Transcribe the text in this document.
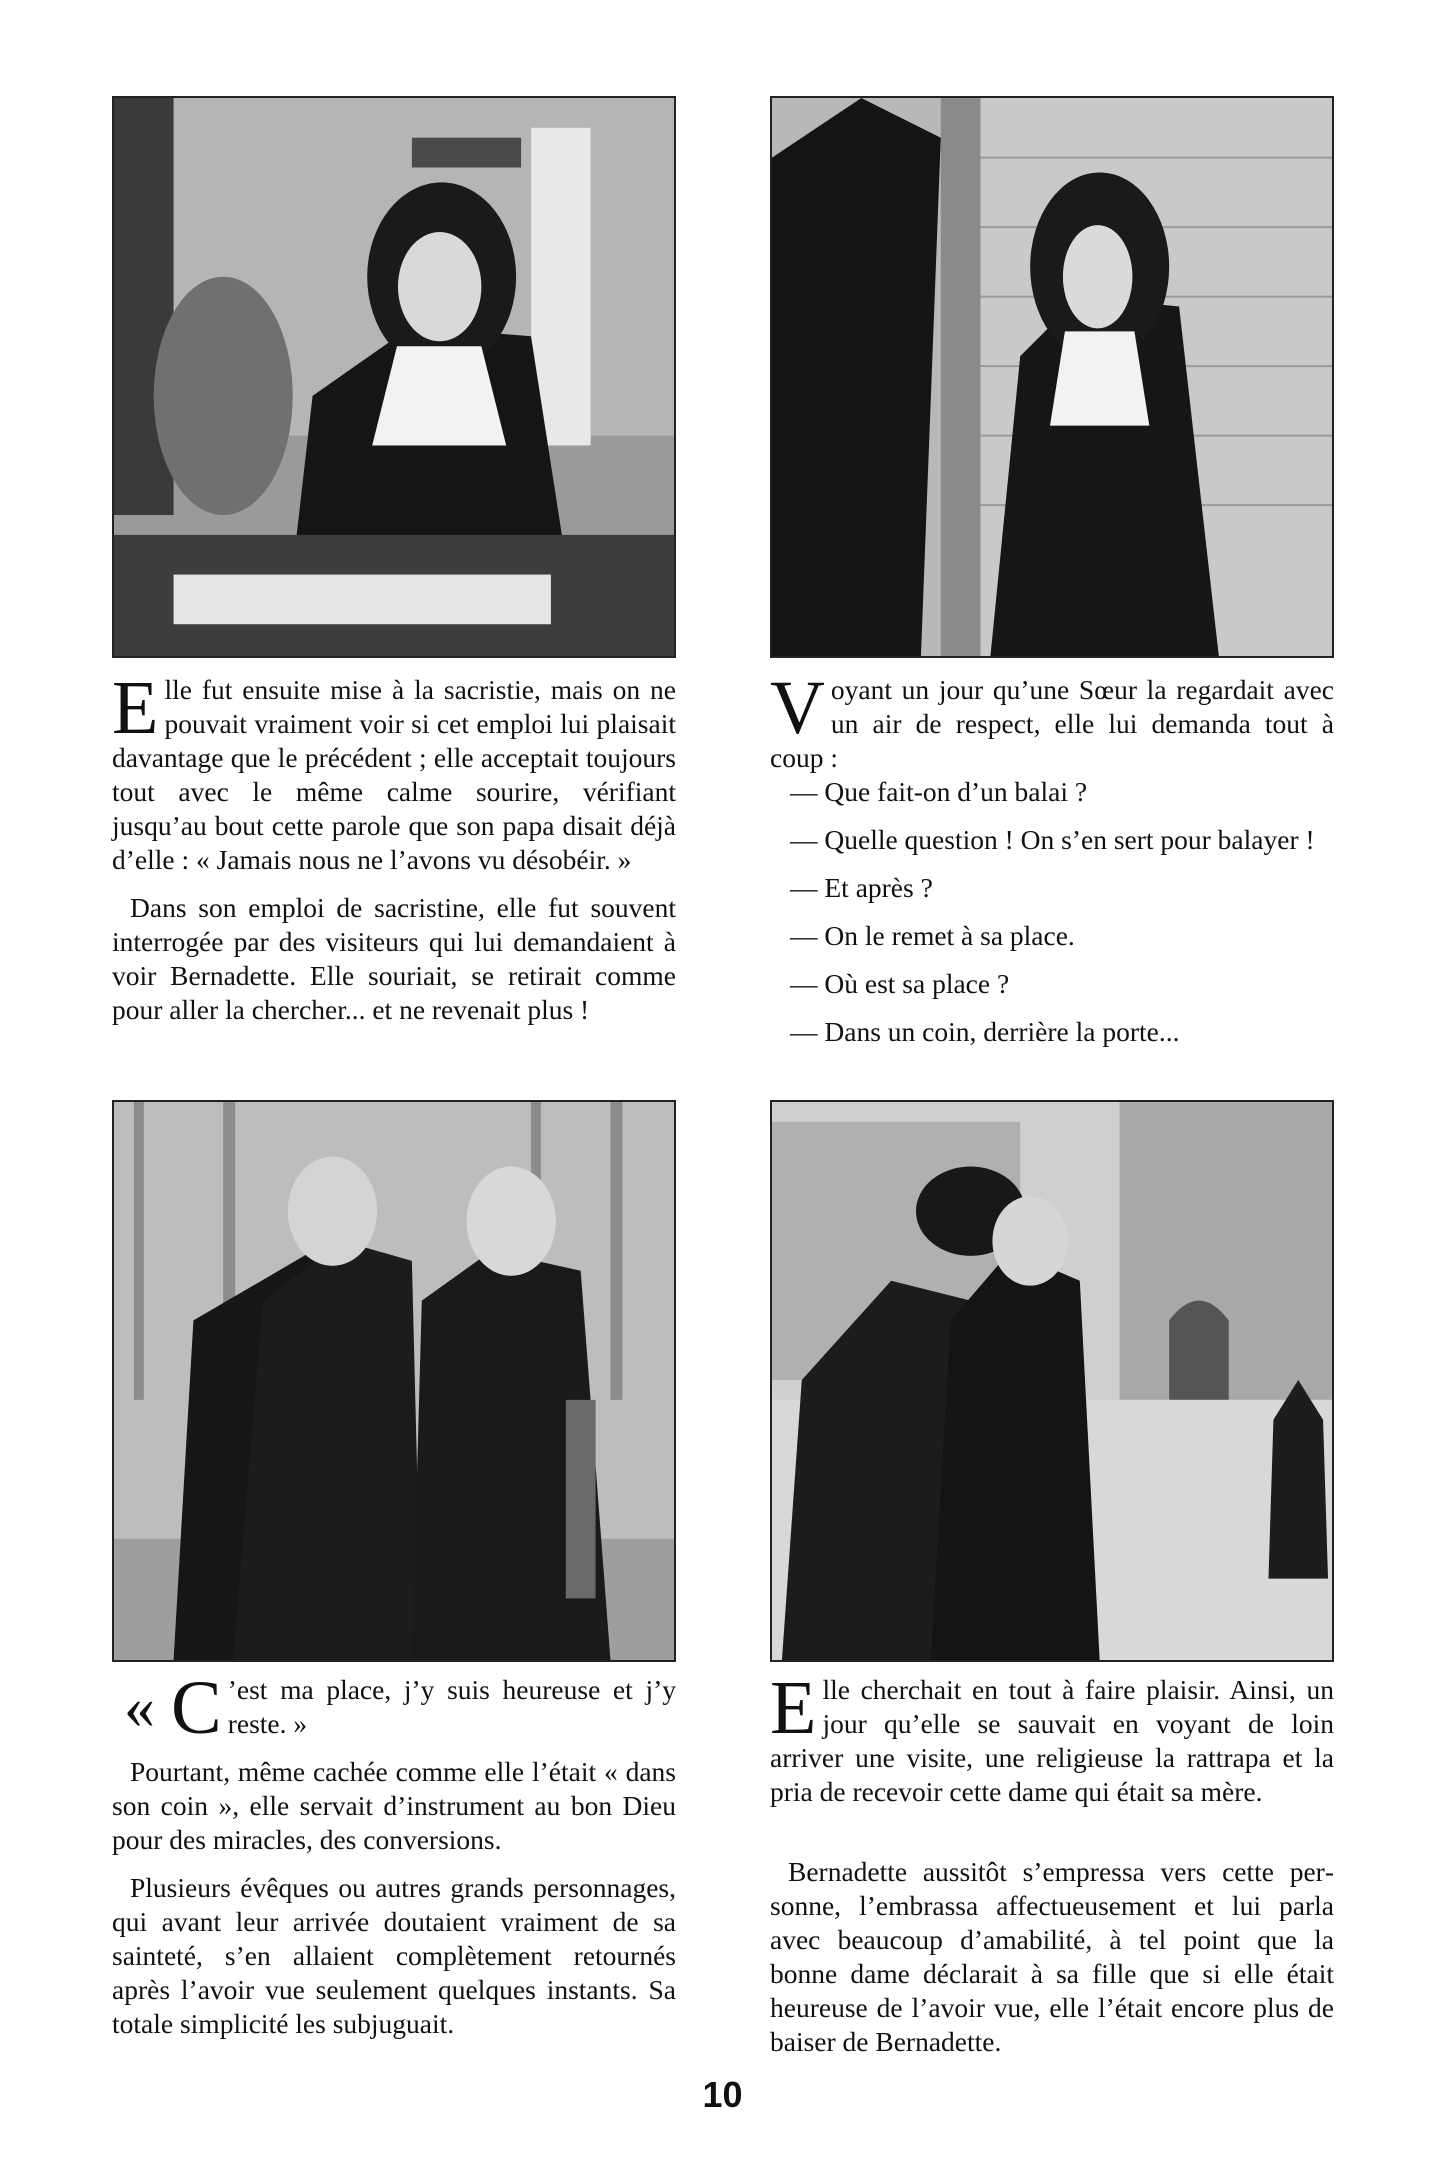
E lle fut ensuite mise à la sacristie, mais on ne pouvait vraiment voir si cet emploi lui plaisait davantage que le précédent ; elle acceptait toujours tout avec le même calme sourire, vérifiant jusqu’au bout cette parole que son papa disait déjà d’elle : « Jamais nous ne l’avons vu désobéir. »

Dans son emploi de sacristine, elle fut souvent interrogée par des visiteurs qui lui demandaient à voir Bernadette. Elle souriait, se retirait comme pour aller la chercher... et ne revenait plus !

V oyant un jour qu’une Sœur la regardait avec un air de respect, elle lui demanda tout à coup :

— Que fait-on d’un balai ?

— Quelle question ! On s’en sert pour balayer !

— Et après ?

— On le remet à sa place.

— Où est sa place ?

— Dans un coin, derrière la porte...

« C ’est ma place, j’y suis heureuse et j’y reste. »

Pourtant, même cachée comme elle l’était « dans son coin », elle servait d’instrument au bon Dieu pour des miracles, des conversions.

Plusieurs évêques ou autres grands personnages, qui avant leur arrivée doutaient vraiment de sa sainteté, s’en allaient complètement retournés après l’avoir vue seulement quelques instants. Sa totale simplicité les subjuguait.

E lle cherchait en tout à faire plaisir. Ainsi, un jour qu’elle se sauvait en voyant de loin arriver une visite, une religieuse la rattrapa et la pria de recevoir cette dame qui était sa mère.

Bernadette aussitôt s’empressa vers cette personne, l’embrassa affectueusement et lui parla avec beaucoup d’amabilité, à tel point que la bonne dame déclarait à sa fille que si elle était heureuse de l’avoir vue, elle l’était encore plus de baiser de Bernadette.

10
